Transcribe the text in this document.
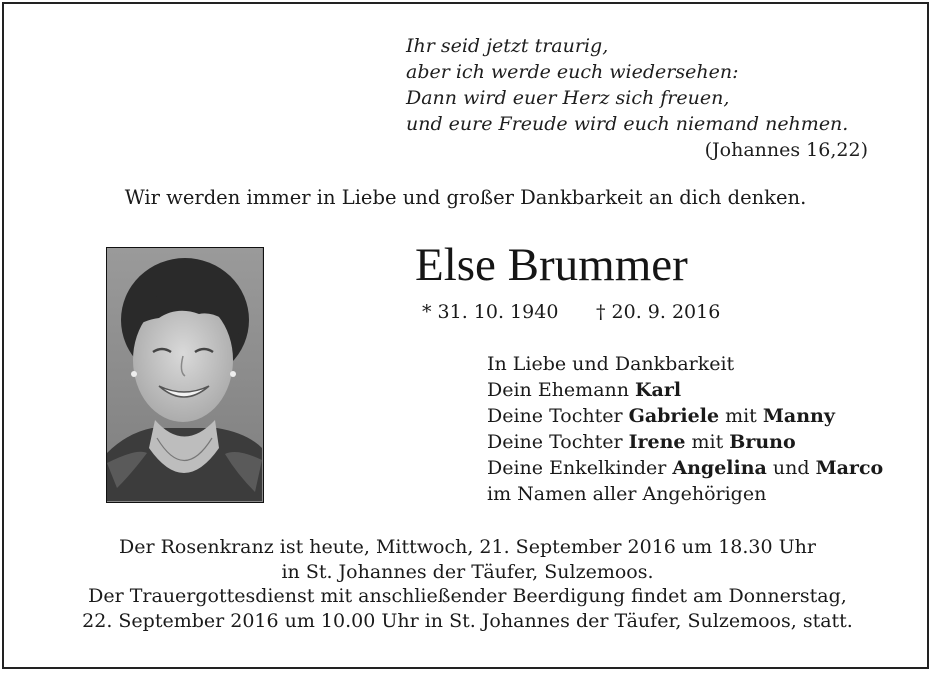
Ihr seid jetzt traurig,
aber ich werde euch wiedersehen:
Dann wird euer Herz sich freuen,
und eure Freude wird euch niemand nehmen.
(Johannes 16,22)
Wir werden immer in Liebe und großer Dankbarkeit an dich denken.
Else Brummer
* 31. 10. 1940 † 20. 9. 2016
In Liebe und Dankbarkeit
Dein Ehemann Karl
Deine Tochter Gabriele mit Manny
Deine Tochter Irene mit Bruno
Deine Enkelkinder Angelina und Marco
im Namen aller Angehörigen
Der Rosenkranz ist heute, Mittwoch, 21. September 2016 um 18.30 Uhr
in St. Johannes der Täufer, Sulzemoos.
Der Trauergottesdienst mit anschließender Beerdigung findet am Donnerstag,
22. September 2016 um 10.00 Uhr in St. Johannes der Täufer, Sulzemoos, statt.
